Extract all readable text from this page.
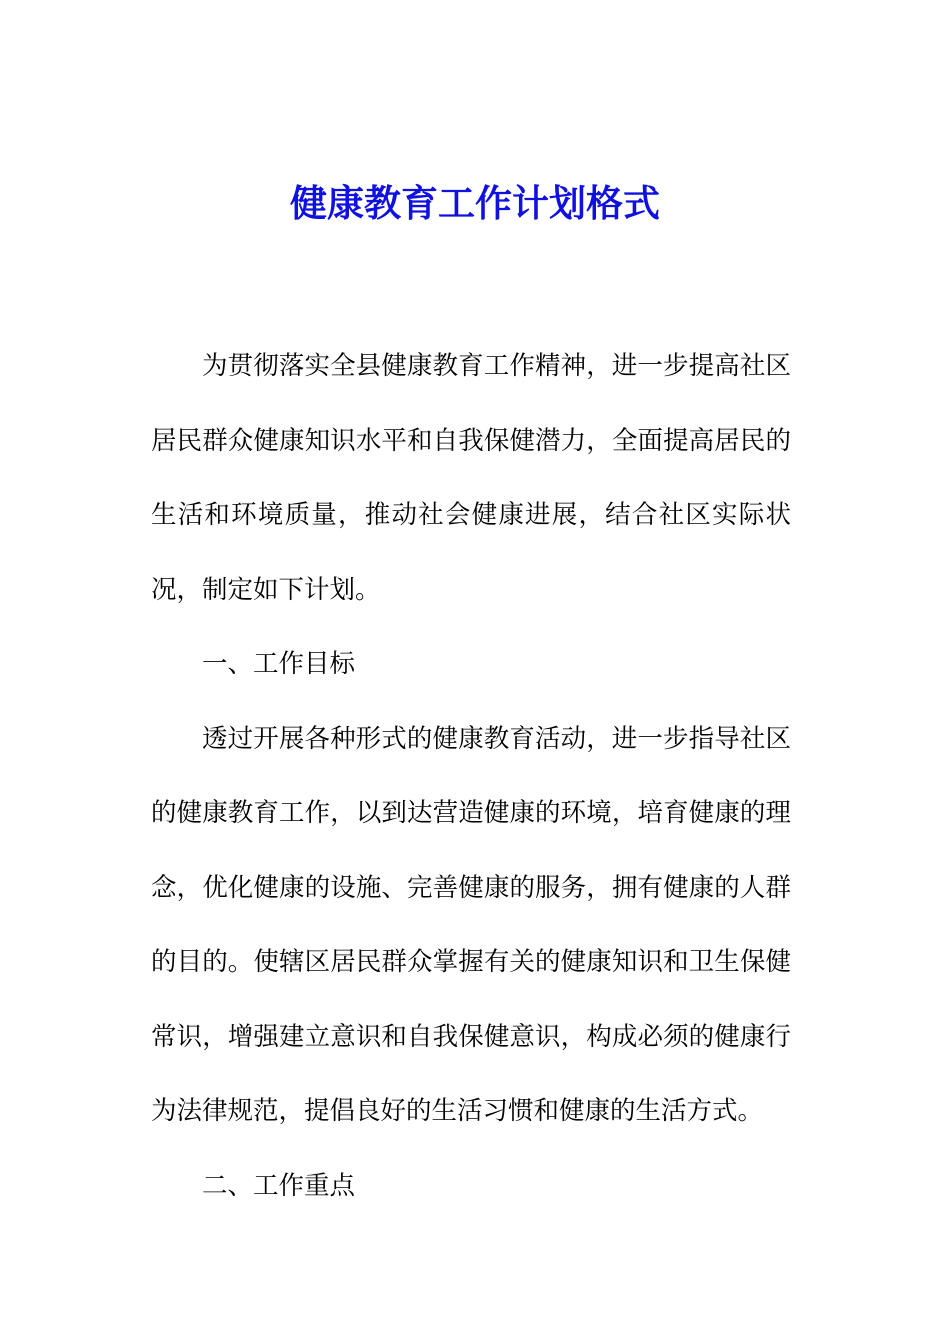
健康教育工作计划格式

为贯彻落实全县健康教育工作精神，进一步提高社区居民群众健康知识水平和自我保健潜力，全面提高居民的生活和环境质量，推动社会健康进展，结合社区实际状况，制定如下计划。

一、工作目标

透过开展各种形式的健康教育活动，进一步指导社区的健康教育工作，以到达营造健康的环境，培育健康的理念，优化健康的设施、完善健康的服务，拥有健康的人群的目的。使辖区居民群众掌握有关的健康知识和卫生保健常识，增强建立意识和自我保健意识，构成必须的健康行为法律规范，提倡良好的生活习惯和健康的生活方式。

二、工作重点
